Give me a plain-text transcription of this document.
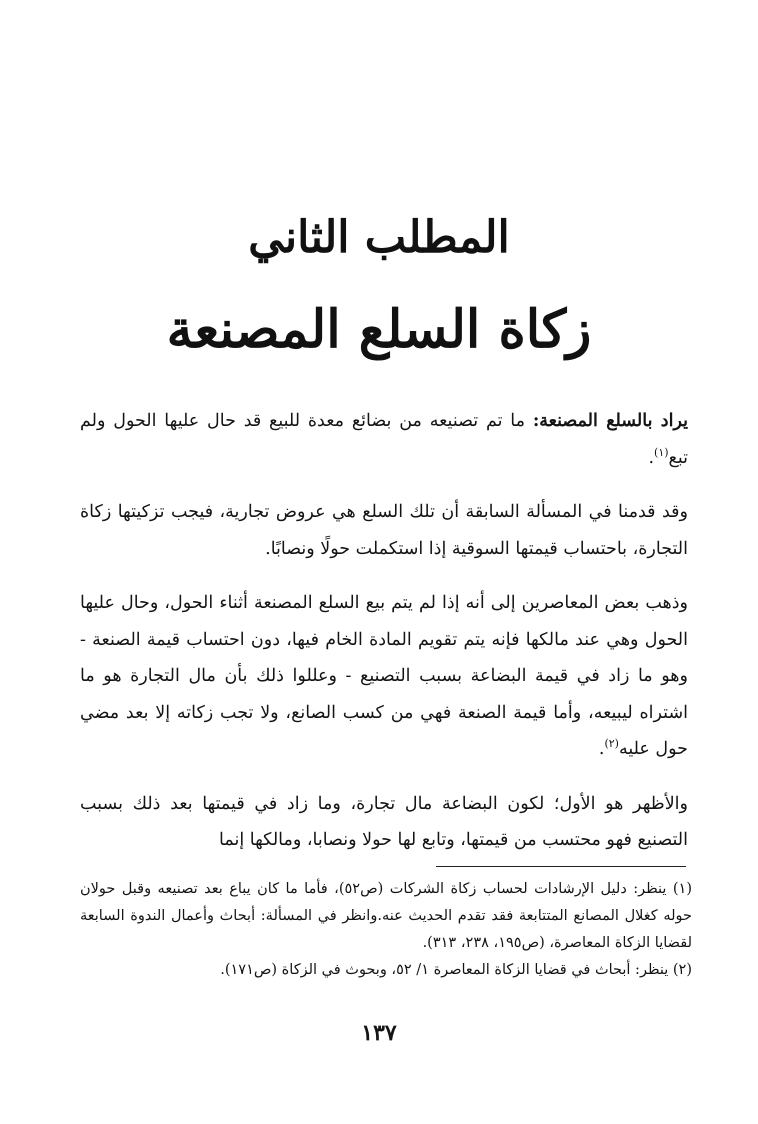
المطلب الثاني
زكاة السلع المصنعة

يراد بالسلع المصنعة: ما تم تصنيعه من بضائع معدة للبيع قد حال عليها الحول ولم تبع$^{(١)}$.

وقد قدمنا في المسألة السابقة أن تلك السلع هي عروض تجارية، فيجب تزكيتها زكاة التجارة، باحتساب قيمتها السوقية إذا استكملت حولًا ونصابًا.

وذهب بعض المعاصرين إلى أنه إذا لم يتم بيع السلع المصنعة أثناء الحول، وحال عليها الحول وهي عند مالكها فإنه يتم تقويم المادة الخام فيها، دون احتساب قيمة الصنعة - وهو ما زاد في قيمة البضاعة بسبب التصنيع - وعللوا ذلك بأن مال التجارة هو ما اشتراه ليبيعه، وأما قيمة الصنعة فهي من كسب الصانع، ولا تجب زكاته إلا بعد مضي حول عليه$^{(٢)}$.

والأظهر هو الأول؛ لكون البضاعة مال تجارة، وما زاد في قيمتها بعد ذلك بسبب التصنيع فهو محتسب من قيمتها، وتابع لها حولا ونصابا، ومالكها إنما

(١) ينظر: دليل الإرشادات لحساب زكاة الشركات (ص٥٢)، فأما ما كان يباع بعد تصنيعه وقبل حولان حوله كغلال المصانع المتتابعة فقد تقدم الحديث عنه.وانظر في المسألة: أبحاث وأعمال الندوة السابعة لقضايا الزكاة المعاصرة، (ص١٩٥، ٢٣٨، ٣١٣).

(٢) ينظر: أبحاث في قضايا الزكاة المعاصرة ١/ ٥٢، وبحوث في الزكاة (ص١٧١).

١٣٧
